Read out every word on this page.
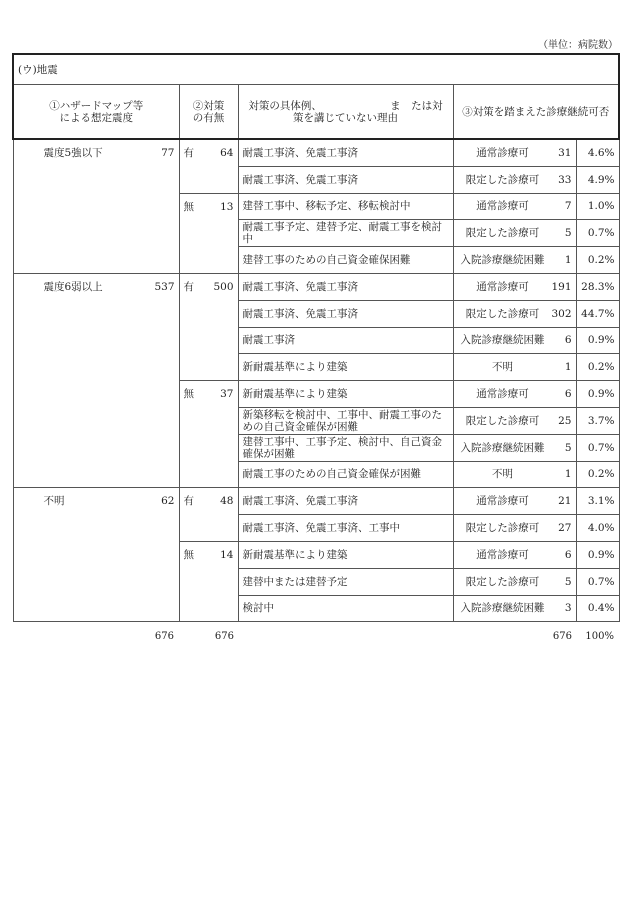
（単位：病院数）
(ウ)地震				
①ハザードマップ等による想定震度	②対策の有無	対策の具体例、　　　　　　　ま　たは対策を講じていない理由	③対策を踏まえた診療継続可否	

震度5強以下 77	有 64	耐震工事済、免震工事済	通常診療可 31	4.6%
		耐震工事済、免震工事済	限定した診療可 33	4.9%

	無 13	建替工事中、移転予定、移転検討中	通常診療可 7	1.0%
		耐震工事予定、建替予定、耐震工事を検討中	限定した診療可 5	0.7%
		建替工事のための自己資金確保困難	入院診療継続困難 1	0.2%

震度6弱以上 537	有 500	耐震工事済、免震工事済	通常診療可 191	28.3%
		耐震工事済、免震工事済	限定した診療可 302	44.7%
		耐震工事済	入院診療継続困難 6	0.9%
		新耐震基準により建築	不明 1	0.2%

	無 37	新耐震基準により建築	通常診療可 6	0.9%
		新築移転を検討中、工事中、耐震工事のための自己資金確保が困難	限定した診療可 25	3.7%
		建替工事中、工事予定、検討中、自己資金確保が困難	入院診療継続困難 5	0.7%
		耐震工事のための自己資金確保が困難	不明 1	0.2%

不明 62	有 48	耐震工事済、免震工事済	通常診療可 21	3.1%
		耐震工事済、免震工事済、工事中	限定した診療可 27	4.0%

	無 14	新耐震基準により建築	通常診療可 6	0.9%
		建替中または建替予定	限定した診療可 5	0.7%
		検討中	入院診療継続困難 3	0.4%
676	676	676	100%
